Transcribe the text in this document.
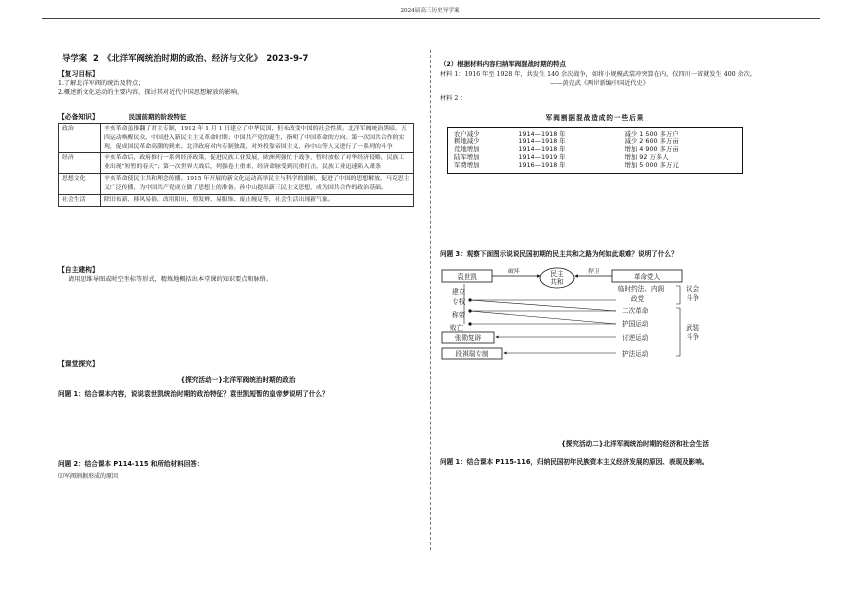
2024届高三历史导学案
导学案 2　《北洋军阀统治时期的政治、经济与文化》　2023-9-7
【复习目标】
1.了解北洋军阀的统治及特点；
2.概述新文化运动的主要内容，探讨其对近代中国思想解放的影响。
【必备知识】	民国前期的阶段特征
政治	辛亥革命虽推翻了君主专制，1912 年 1 月 1 日建立了中华民国，但未改变中国的社会性质。北洋军阀统治黑暗，五四运动唤醒民众，中国进入新民主主义革命时期；中国共产党的诞生，指明了中国革命的方向。第一次国共合作的实现，促成国民革命高潮的到来。北洋政府对内专制独裁，对外投靠帝国主义，孙中山等人又进行了一系列的斗争
经济	辛亥革命后，政府推行一系列经济政策，促进民族工业发展，欧洲列强忙于战争，暂时放松了对华经济侵略，民族工业出现“短暂的春天”；第一次世界大战后，列强卷土重来，经济命脉受到沉重打击，民族工业迅速陷入萧条
思想文化	辛亥革命使民主共和理念传播。1915 年开展的新文化运动高举民主与科学的旗帜，促进了中国的思想解放。马克思主义广泛传播，为中国共产党成立做了思想上的准备。孙中山提出新三民主义思想，成为国共合作的政治基础。
社会生活	除旧布新、移风易俗。改用阳历、剪发辫、易服饰、废止缠足等，社会生活出现新气象。
【自主建构】
请用思维导图或时空坐标等形式，精炼地概括出本堂课的知识要点和脉络。
【课堂探究】
{探究活动一}北洋军阀统治时期的政治
问题 1：结合课本内容，说说袁世凯统治时期的政治特征？袁世凯短暂的皇帝梦说明了什么？
问题 2：结合课本 P114-115 和所给材料回答：
⑴军阀割据形成的原因
（2）根据材料内容归纳军阀混战时期的特点
材料 1：1916 年至 1928 年，共发生 140 余次战争，如将小规模武装冲突算在内，仅四川一省就发生 400 余次。
——黄克武《两岸新编中国近代史》
材料 2 ：
军阀割据混战造成的一些后果
农户减少	1914—1918 年	减少 1 500 多万户
耕地减少	1914—1918 年	减少 2 600 多万亩
荒地增加	1914—1918 年	增加 4 900 多万亩
陆军增加	1914—1919 年	增加 92 万多人
军费增加	1916—1918 年	增加 5 000 多万元
问题 3：观察下面图示说说民国初期的民主共和之路为何如此艰难？说明了什么？
袁世凯
破坏	民主
共和
捍卫
革命党人
建立
专权
称帝
败亡
临时约法、内阁
政党
二次革命
护国运动
议会
斗争
武装
斗争
张勋复辟	讨逆运动
段祺瑞专制	护法运动
{探究活动二}北洋军阀统治时期的经济和社会生活
问题 1：结合课本 P115-116，归纳民国初年民族资本主义经济发展的原因、表现及影响。
